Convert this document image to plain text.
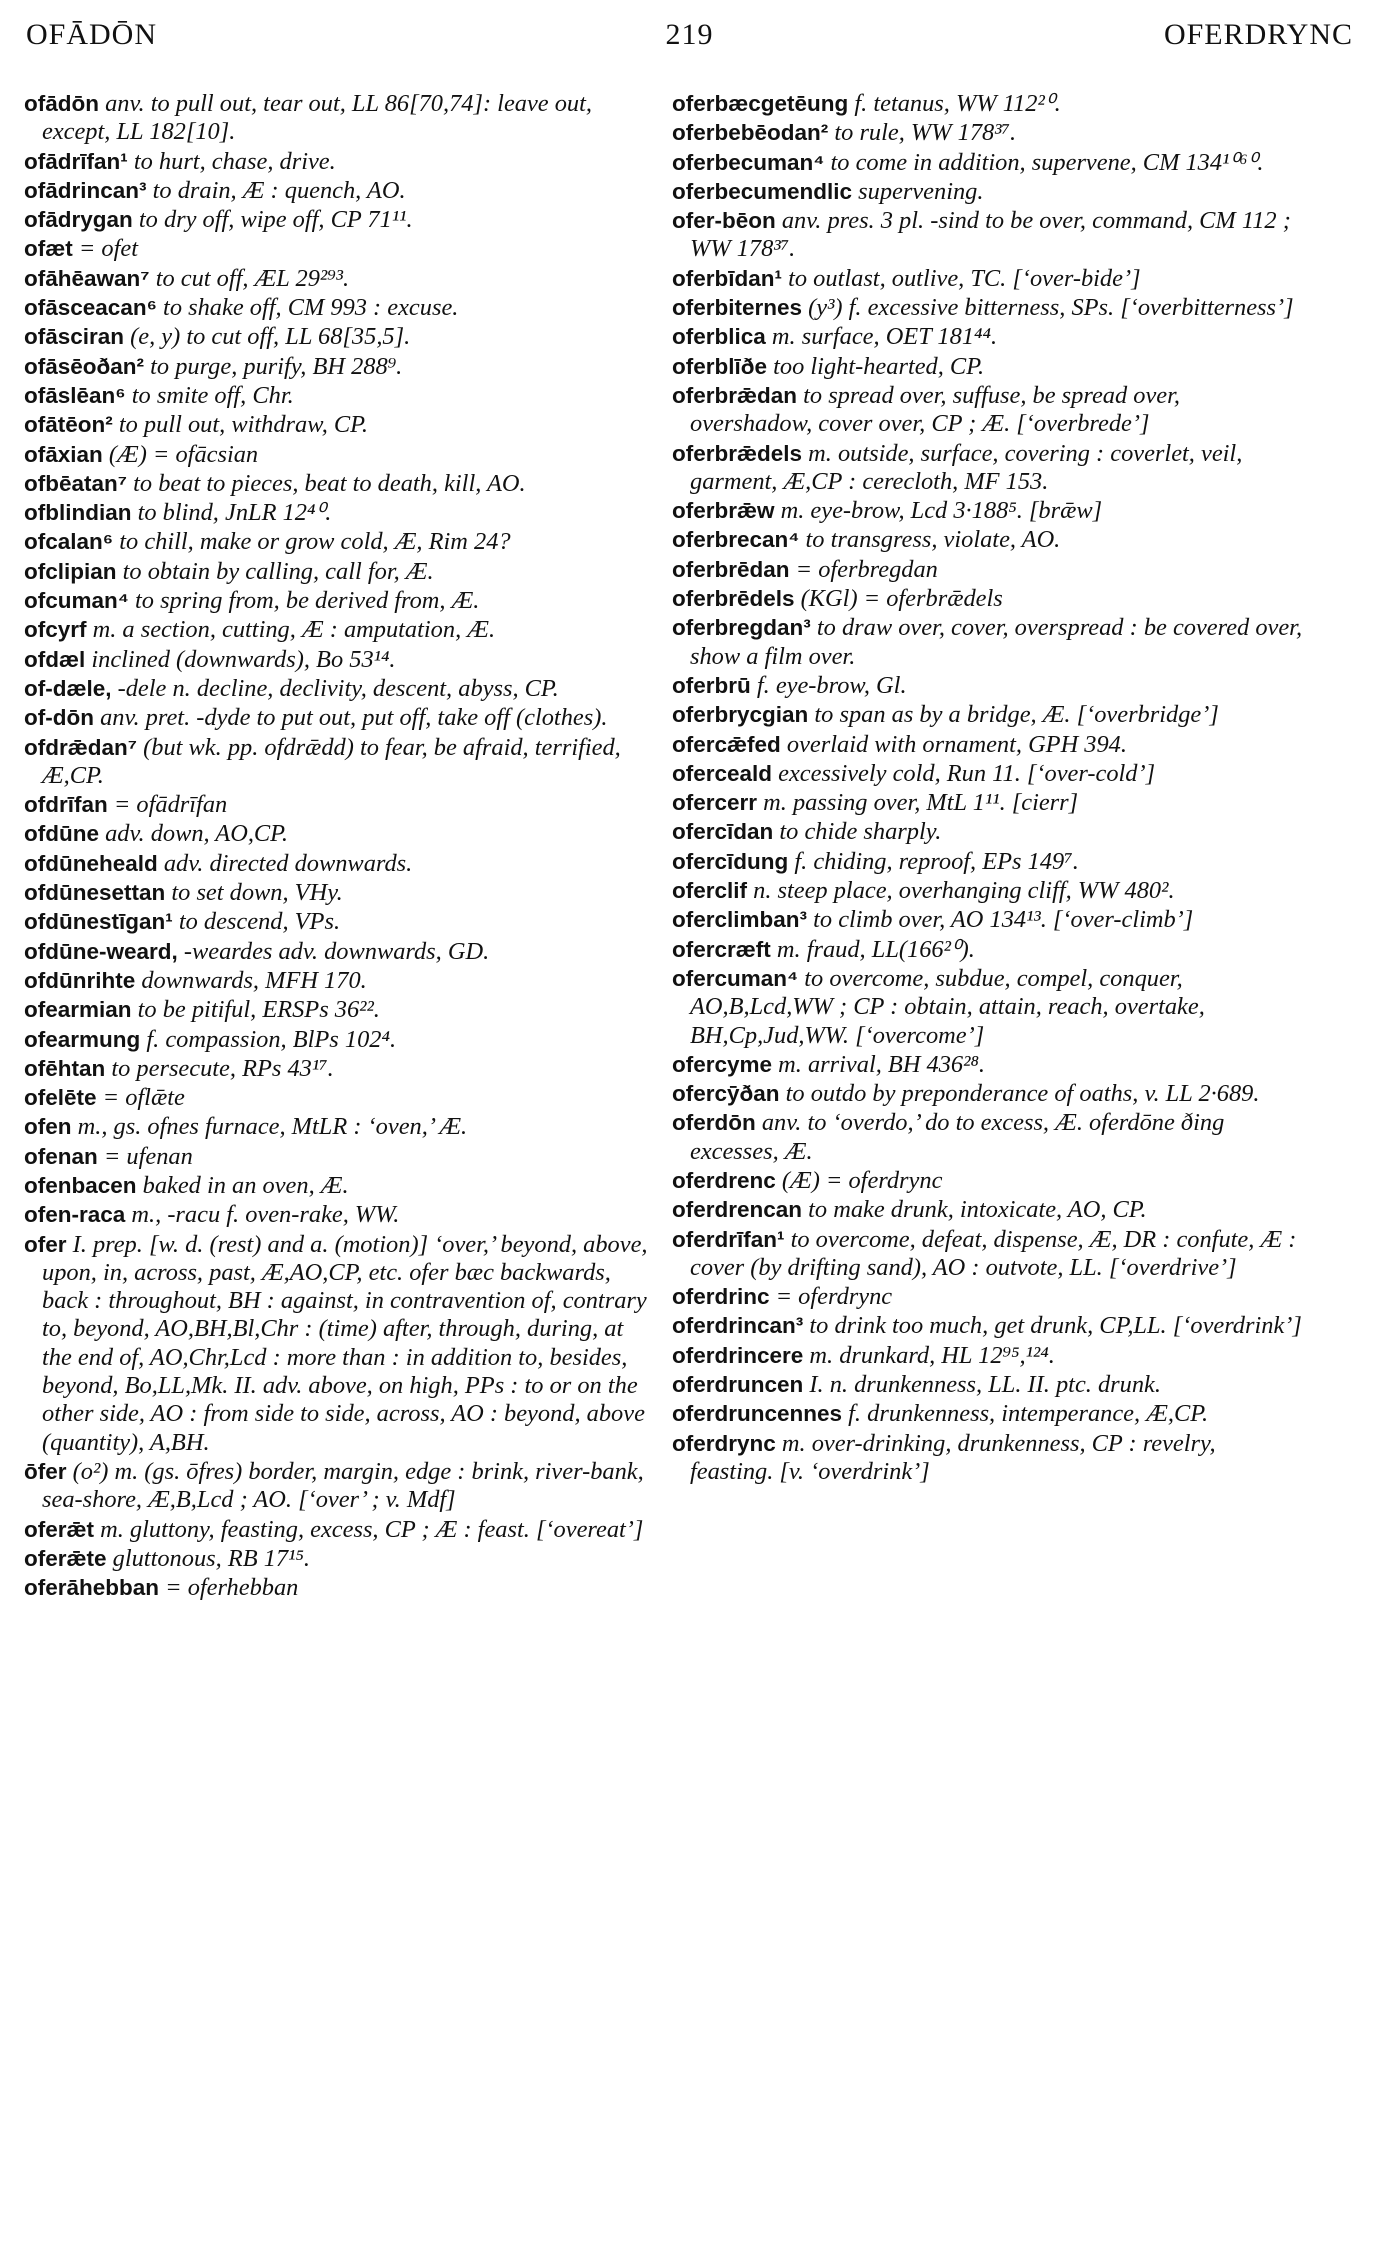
OFĀDŌN	219	OFERDRYNC
ofādōn anv. to pull out, tear out, LL 86[70,74]: leave out, except, LL 182[10].
ofādrīfan¹ to hurt, chase, drive.
ofādrincan³ to drain, Æ : quench, AO.
ofādrygan to dry off, wipe off, CP 71¹¹.
ofæt = ofet
ofāhēawan⁷ to cut off, ÆL 29²⁹³.
ofāsceacan⁶ to shake off, CM 993 : excuse.
ofāsciran (e, y) to cut off, LL 68[35,5].
ofāsēoðan² to purge, purify, BH 288⁹.
ofāslēan⁶ to smite off, Chr.
ofātēon² to pull out, withdraw, CP.
ofāxian (Æ) = ofācsian
ofbēatan⁷ to beat to pieces, beat to death, kill, AO.
ofblindian to blind, JnLR 12⁴⁰.
ofcalan⁶ to chill, make or grow cold, Æ, Rim 24?
ofclipian to obtain by calling, call for, Æ.
ofcuman⁴ to spring from, be derived from, Æ.
ofcyrf m. a section, cutting, Æ : amputation, Æ.
ofdæl inclined (downwards), Bo 53¹⁴.
of-dæle, -dele n. decline, declivity, descent, abyss, CP.
of-dōn anv. pret. -dyde to put out, put off, take off (clothes).
ofdrǣdan⁷ (but wk. pp. ofdrǣdd) to fear, be afraid, terrified, Æ,CP.
ofdrīfan = ofādrīfan
ofdūne adv. down, AO,CP.
ofdūneheald adv. directed downwards.
ofdūnesettan to set down, VHy.
ofdūnestīgan¹ to descend, VPs.
ofdūne-weard, -weardes adv. downwards, GD.
ofdūnrihte downwards, MFH 170.
ofearmian to be pitiful, ERSPs 36²².
ofearmung f. compassion, BlPs 102⁴.
ofēhtan to persecute, RPs 43¹⁷.
ofelēte = oflǣte
ofen m., gs. ofnes furnace, MtLR : ‘oven,’ Æ.
ofenan = ufenan
ofenbacen baked in an oven, Æ.
ofen-raca m., -racu f. oven-rake, WW.
ofer I. prep. [w. d. (rest) and a. (motion)] ‘over,’ beyond, above, upon, in, across, past, Æ,AO,CP, etc. ofer bæc backwards, back : throughout, BH : against, in contravention of, contrary to, beyond, AO,BH,Bl,Chr : (time) after, through, during, at the end of, AO,Chr,Lcd : more than : in addition to, besides, beyond, Bo,LL,Mk. II. adv. above, on high, PPs : to or on the other side, AO : from side to side, across, AO : beyond, above (quantity), A,BH.
ōfer (o²) m. (gs. ōfres) border, margin, edge : brink, river-bank, sea-shore, Æ,B,Lcd ; AO. [‘over’ ; v. Mdf]
oferǣt m. gluttony, feasting, excess, CP ; Æ : feast. [‘overeat’]
oferǣte gluttonous, RB 17¹⁵.
oferāhebban = oferhebban
oferbæcgetēung f. tetanus, WW 112²⁰.
oferbebēodan² to rule, WW 178³⁷.
oferbecuman⁴ to come in addition, supervene, CM 134¹⁰⁶⁰.
oferbecumendlic supervening.
ofer-bēon anv. pres. 3 pl. -sind to be over, command, CM 112 ; WW 178³⁷.
oferbīdan¹ to outlast, outlive, TC. [‘over-bide’]
oferbiternes (y³) f. excessive bitterness, SPs. [‘overbitterness’]
oferblica m. surface, OET 181⁴⁴.
oferblīðe too light-hearted, CP.
oferbrǣdan to spread over, suffuse, be spread over, overshadow, cover over, CP ; Æ. [‘overbrede’]
oferbrǣdels m. outside, surface, covering : coverlet, veil, garment, Æ,CP : cerecloth, MF 153.
oferbrǣw m. eye-brow, Lcd 3·188⁵. [brǣw]
oferbrecan⁴ to transgress, violate, AO.
oferbrēdan = oferbregdan
oferbrēdels (KGl) = oferbrǣdels
oferbregdan³ to draw over, cover, overspread : be covered over, show a film over.
oferbrū f. eye-brow, Gl.
oferbrycgian to span as by a bridge, Æ. [‘overbridge’]
ofercǣfed overlaid with ornament, GPH 394.
oferceald excessively cold, Run 11. [‘over-cold’]
ofercerr m. passing over, MtL 1¹¹. [cierr]
ofercīdan to chide sharply.
ofercīdung f. chiding, reproof, EPs 149⁷.
oferclif n. steep place, overhanging cliff, WW 480².
oferclimban³ to climb over, AO 134¹³. [‘over-climb’]
ofercræft m. fraud, LL(166²⁰).
ofercuman⁴ to overcome, subdue, compel, conquer, AO,B,Lcd,WW ; CP : obtain, attain, reach, overtake, BH,Cp,Jud,WW. [‘overcome’]
ofercyme m. arrival, BH 436²⁸.
ofercȳðan to outdo by preponderance of oaths, v. LL 2·689.
oferdōn anv. to ‘overdo,’ do to excess, Æ. oferdōne ðing excesses, Æ.
oferdrenc (Æ) = oferdrync
oferdrencan to make drunk, intoxicate, AO, CP.
oferdrīfan¹ to overcome, defeat, dispense, Æ, DR : confute, Æ : cover (by drifting sand), AO : outvote, LL. [‘overdrive’]
oferdrinc = oferdrync
oferdrincan³ to drink too much, get drunk, CP,LL. [‘overdrink’]
oferdrincere m. drunkard, HL 12⁹⁵,¹²⁴.
oferdruncen I. n. drunkenness, LL. II. ptc. drunk.
oferdruncennes f. drunkenness, intemperance, Æ,CP.
oferdrync m. over-drinking, drunkenness, CP : revelry, feasting. [v. ‘overdrink’]
